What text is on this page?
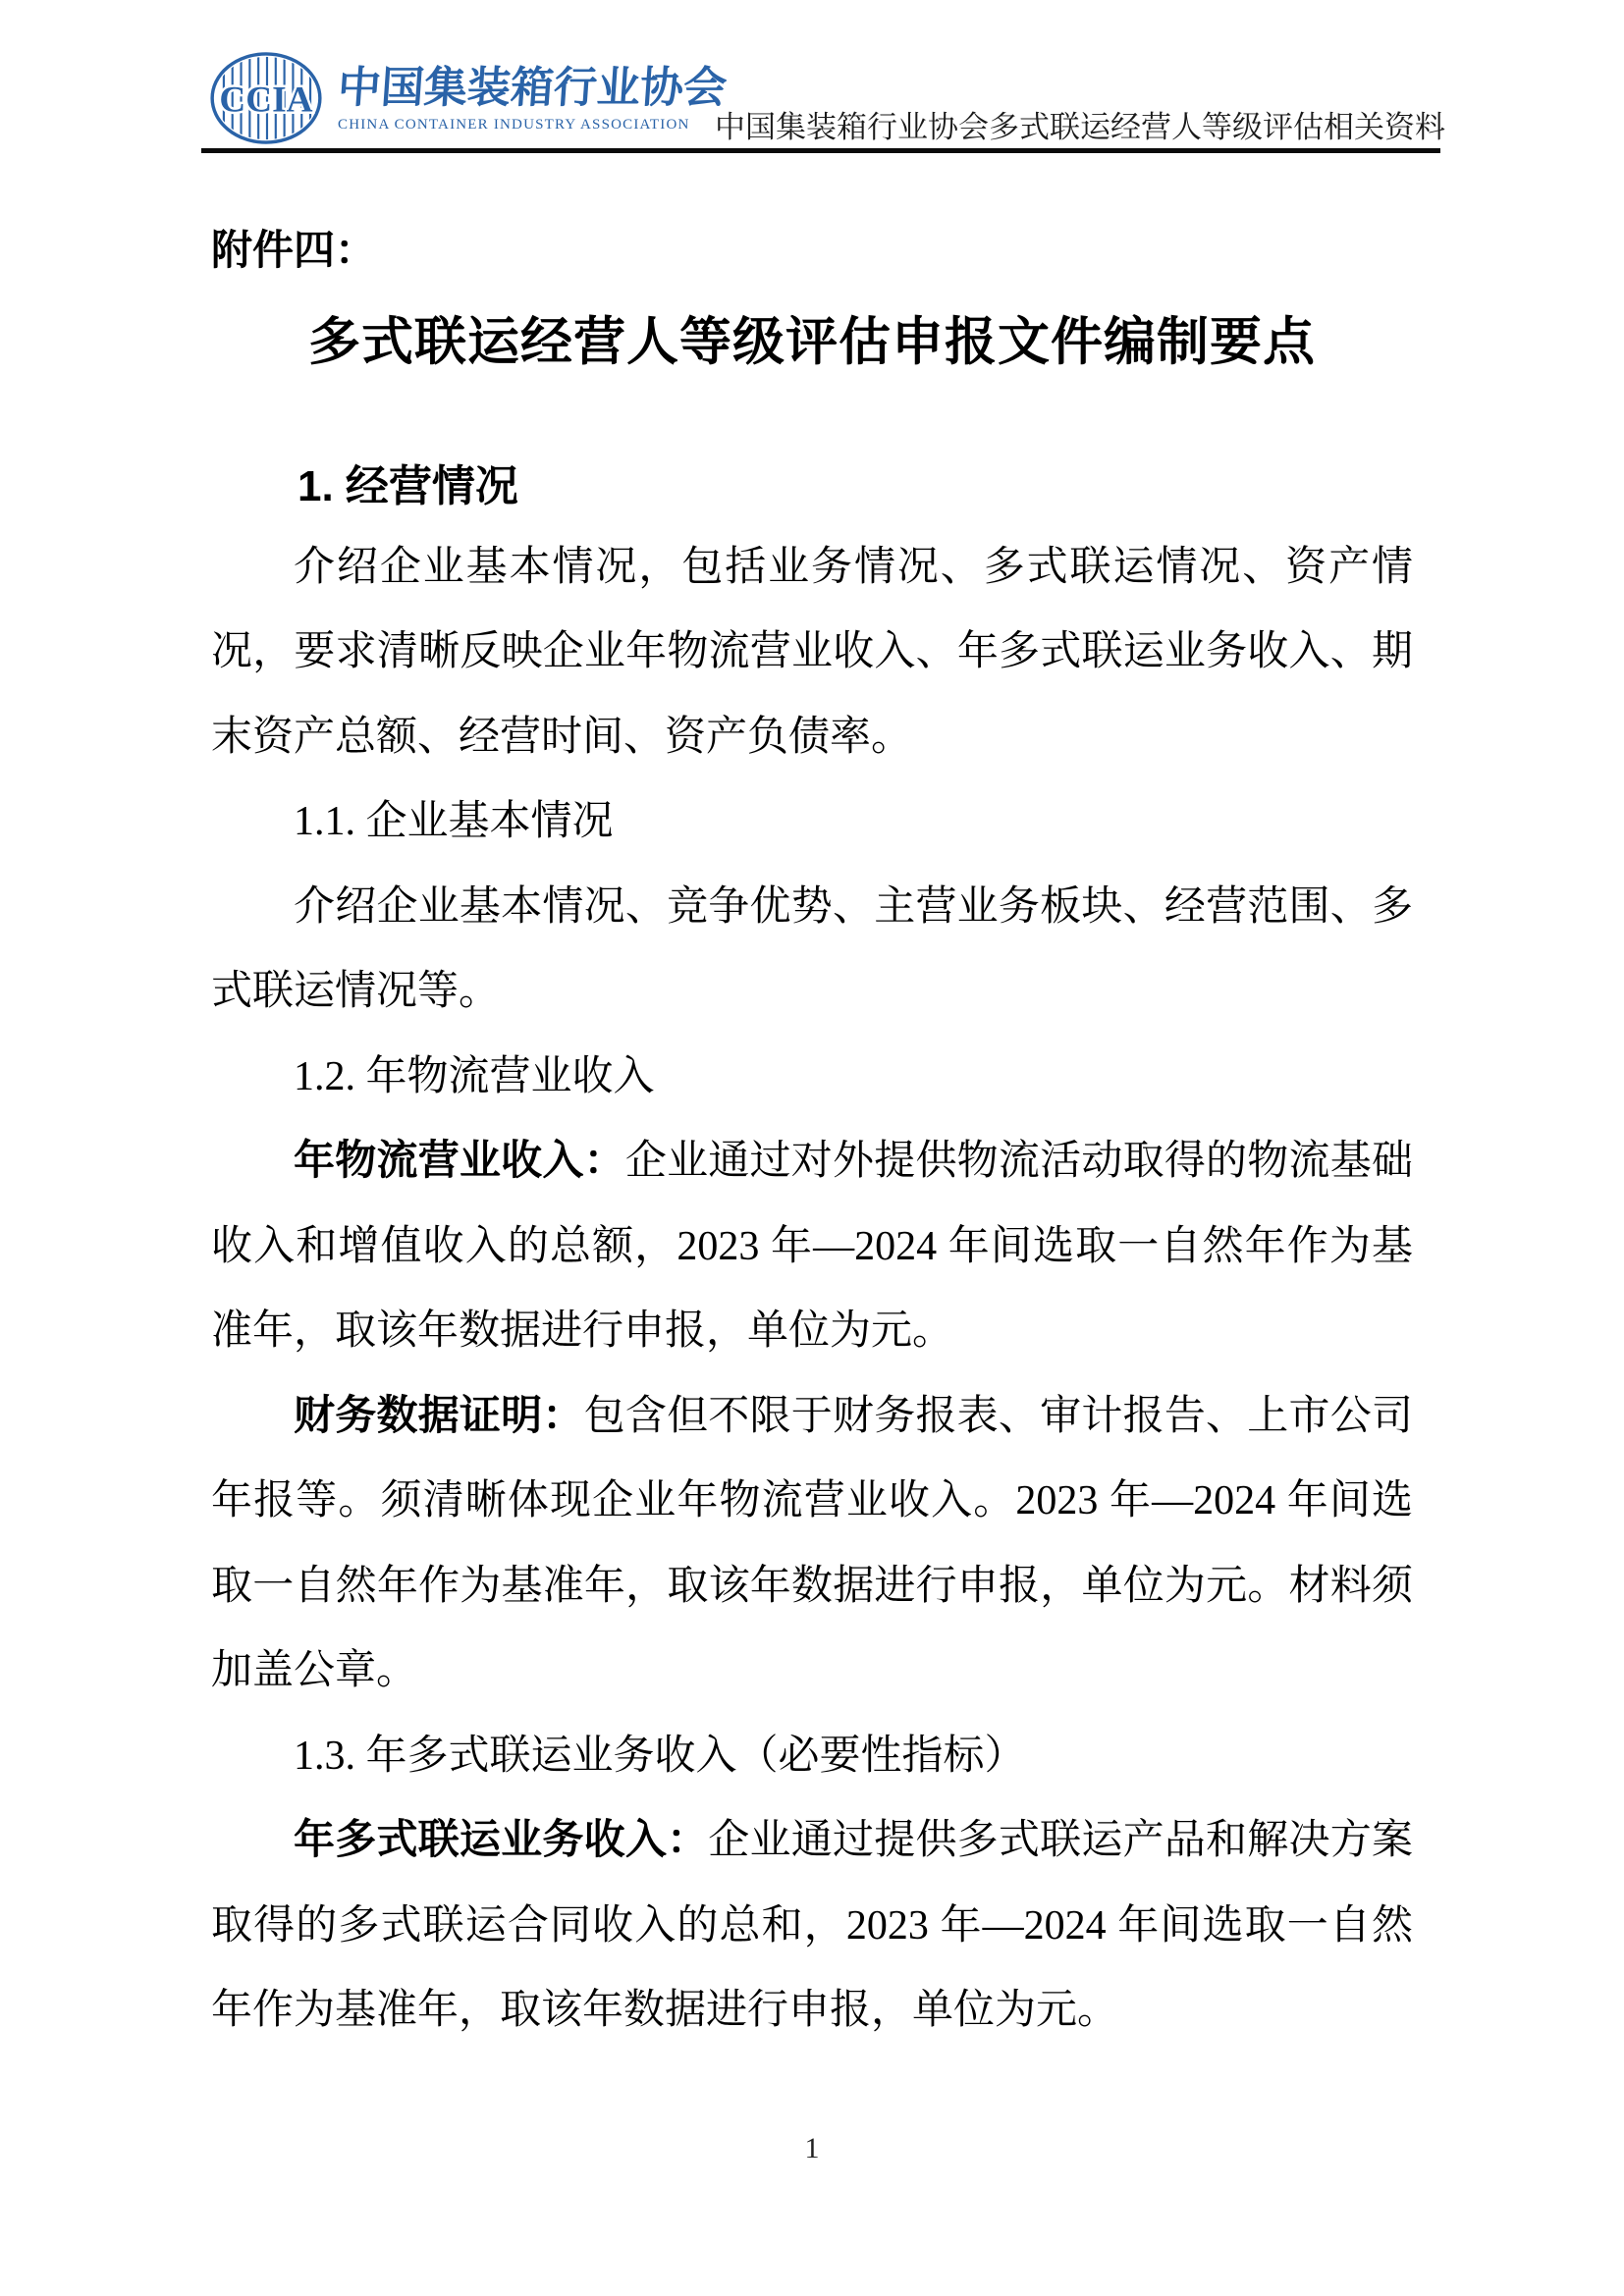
CCIA 中国集装箱行业协会
CHINA CONTAINER INDUSTRY ASSOCIATION 中国集装箱行业协会多式联运经营人等级评估相关资料

附件四：

多式联运经营人等级评估申报文件编制要点
1. 经营情况

介绍企业基本情况，包括业务情况、多式联运情况、资产情况，要求清晰反映企业年物流营业收入、年多式联运业务收入、期末资产总额、经营时间、资产负债率。

1.1. 企业基本情况

介绍企业基本情况、竞争优势、主营业务板块、经营范围、多式联运情况等。

1.2. 年物流营业收入

年物流营业收入：企业通过对外提供物流活动取得的物流基础收入和增值收入的总额，2023 年—2024 年间选取一自然年作为基准年，取该年数据进行申报，单位为元。

财务数据证明：包含但不限于财务报表、审计报告、上市公司年报等。须清晰体现企业年物流营业收入。2023 年—2024 年间选取一自然年作为基准年，取该年数据进行申报，单位为元。材料须加盖公章。

1.3. 年多式联运业务收入（必要性指标）

年多式联运业务收入：企业通过提供多式联运产品和解决方案取得的多式联运合同收入的总和，2023 年—2024 年间选取一自然年作为基准年，取该年数据进行申报，单位为元。

1
